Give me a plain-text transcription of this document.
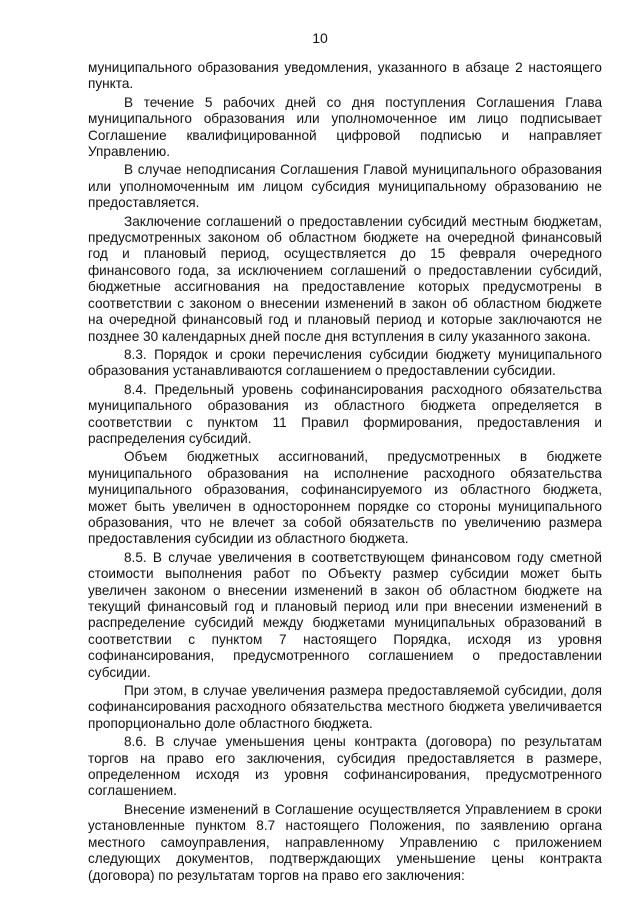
10

муниципального образования уведомления, указанного в абзаце 2 настоящего пункта.

В течение 5 рабочих дней со дня поступления Соглашения Глава муниципального образования или уполномоченное им лицо подписывает Соглашение квалифицированной цифровой подписью и направляет Управлению.

В случае неподписания Соглашения Главой муниципального образования или уполномоченным им лицом субсидия муниципальному образованию не предоставляется.

Заключение соглашений о предоставлении субсидий местным бюджетам, предусмотренных законом об областном бюджете на очередной финансовый год и плановый период, осуществляется до 15 февраля очередного финансового года, за исключением соглашений о предоставлении субсидий, бюджетные ассигнования на предоставление которых предусмотрены в соответствии с законом о внесении изменений в закон об областном бюджете на очередной финансовый год и плановый период и которые заключаются не позднее 30 календарных дней после дня вступления в силу указанного закона.

8.3. Порядок и сроки перечисления субсидии бюджету муниципального образования устанавливаются соглашением о предоставлении субсидии.

8.4. Предельный уровень софинансирования расходного обязательства муниципального образования из областного бюджета определяется в соответствии с пунктом 11 Правил формирования, предоставления и распределения субсидий.

Объем бюджетных ассигнований, предусмотренных в бюджете муниципального образования на исполнение расходного обязательства муниципального образования, софинансируемого из областного бюджета, может быть увеличен в одностороннем порядке со стороны муниципального образования, что не влечет за собой обязательств по увеличению размера предоставления субсидии из областного бюджета.

8.5. В случае увеличения в соответствующем финансовом году сметной стоимости выполнения работ по Объекту размер субсидии может быть увеличен законом о внесении изменений в закон об областном бюджете на текущий финансовый год и плановый период или при внесении изменений в распределение субсидий между бюджетами муниципальных образований в соответствии с пунктом 7 настоящего Порядка, исходя из уровня софинансирования, предусмотренного соглашением о предоставлении субсидии.

При этом, в случае увеличения размера предоставляемой субсидии, доля софинансирования расходного обязательства местного бюджета увеличивается пропорционально доле областного бюджета.

8.6. В случае уменьшения цены контракта (договора) по результатам торгов на право его заключения, субсидия предоставляется в размере, определенном исходя из уровня софинансирования, предусмотренного соглашением.

Внесение изменений в Соглашение осуществляется Управлением в сроки установленные пунктом 8.7 настоящего Положения, по заявлению органа местного самоуправления, направленному Управлению с приложением следующих документов, подтверждающих уменьшение цены контракта (договора) по результатам торгов на право его заключения:
